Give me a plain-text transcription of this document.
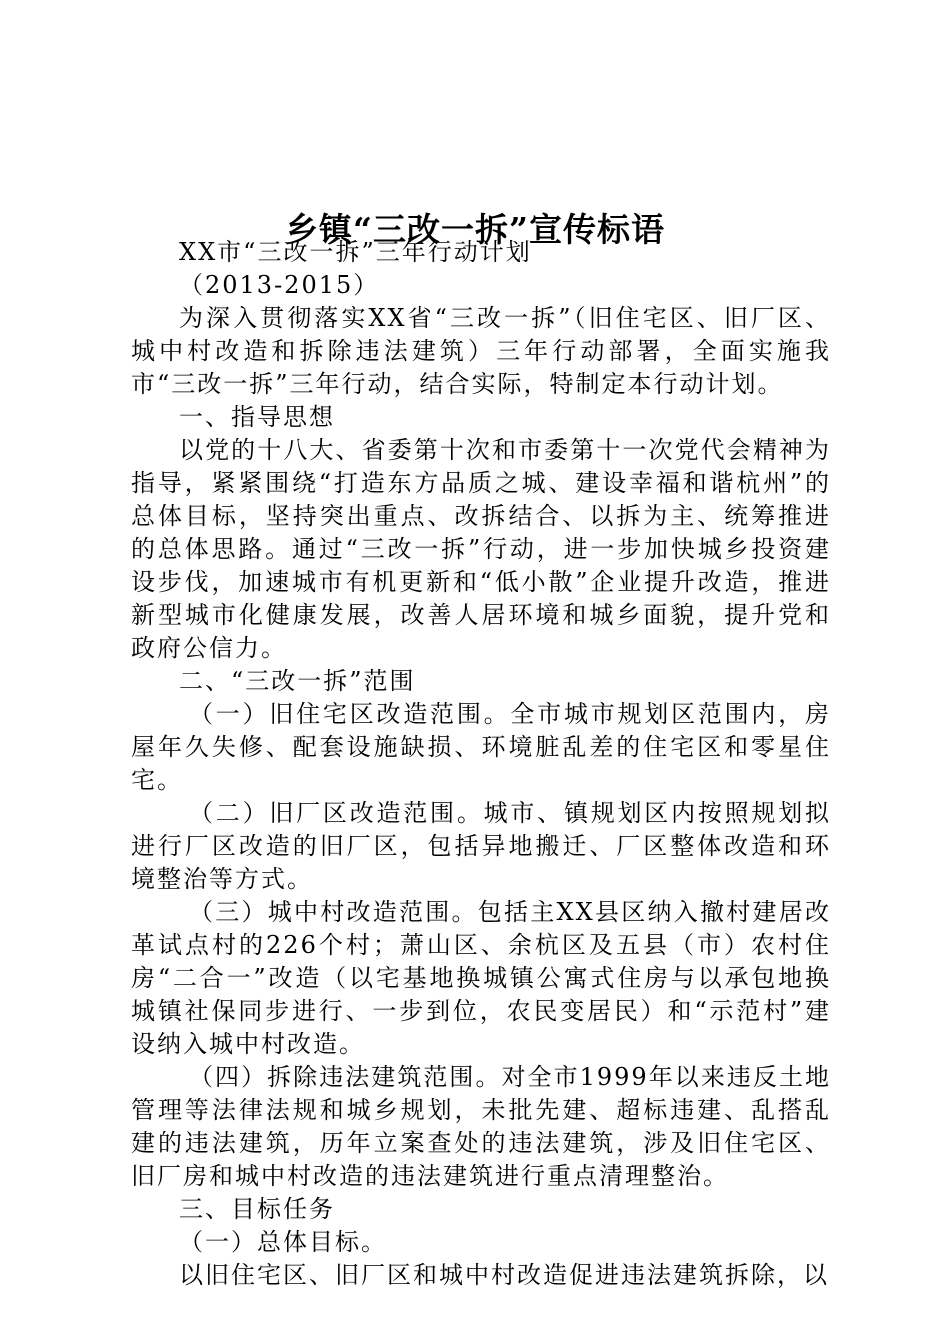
乡镇“三改一拆”宣传标语

XX市“三改一拆”三年行动计划

（2013-2015）

为深入贯彻落实XX省“三改一拆”（旧住宅区、旧厂区、城中村改造和拆除违法建筑）三年行动部署，全面实施我市“三改一拆”三年行动，结合实际，特制定本行动计划。

一、指导思想

以党的十八大、省委第十次和市委第十一次党代会精神为指导，紧紧围绕“打造东方品质之城、建设幸福和谐杭州”的总体目标，坚持突出重点、改拆结合、以拆为主、统筹推进的总体思路。通过“三改一拆”行动，进一步加快城乡投资建设步伐，加速城市有机更新和“低小散”企业提升改造，推进新型城市化健康发展，改善人居环境和城乡面貌，提升党和政府公信力。

二、“三改一拆”范围

（一）旧住宅区改造范围。全市城市规划区范围内，房屋年久失修、配套设施缺损、环境脏乱差的住宅区和零星住宅。

（二）旧厂区改造范围。城市、镇规划区内按照规划拟进行厂区改造的旧厂区，包括异地搬迁、厂区整体改造和环境整治等方式。

（三）城中村改造范围。包括主XX县区纳入撤村建居改革试点村的226个村；萧山区、余杭区及五县（市）农村住房“二合一”改造（以宅基地换城镇公寓式住房与以承包地换城镇社保同步进行、一步到位，农民变居民）和“示范村”建设纳入城中村改造。

（四）拆除违法建筑范围。对全市1999年以来违反土地管理等法律法规和城乡规划，未批先建、超标违建、乱搭乱建的违法建筑，历年立案查处的违法建筑，涉及旧住宅区、旧厂房和城中村改造的违法建筑进行重点清理整治。

三、目标任务

（一）总体目标。

以旧住宅区、旧厂区和城中村改造促进违法建筑拆除，以
